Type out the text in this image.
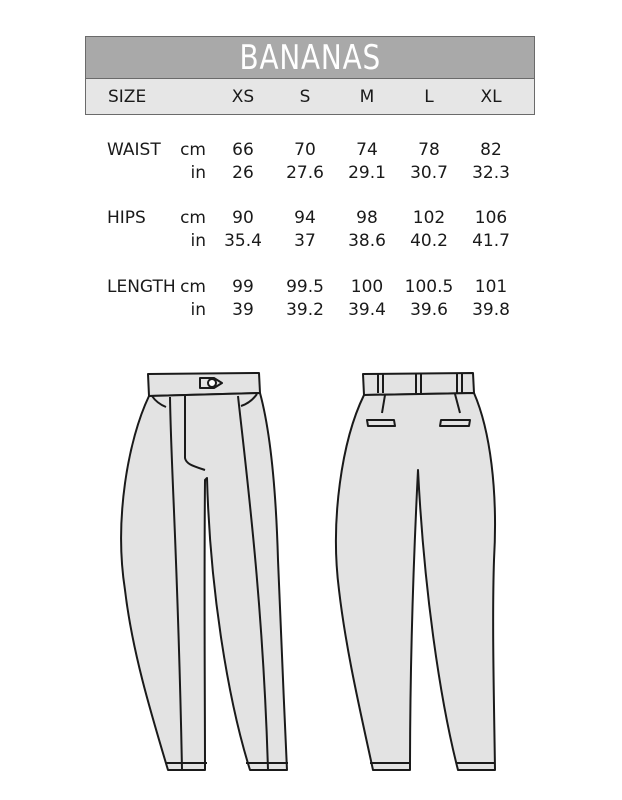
BANANAS
SIZE	XS	S	M	L	XL
WAIST	cm	66	70	74	78	82
in	26	27.6	29.1	30.7	32.3
HIPS	cm	90	94	98	102	106
in	35.4	37	38.6	40.2	41.7
LENGTH cm	99	99.5	100	100.5	101
in	39	39.2	39.4	39.6	39.8
